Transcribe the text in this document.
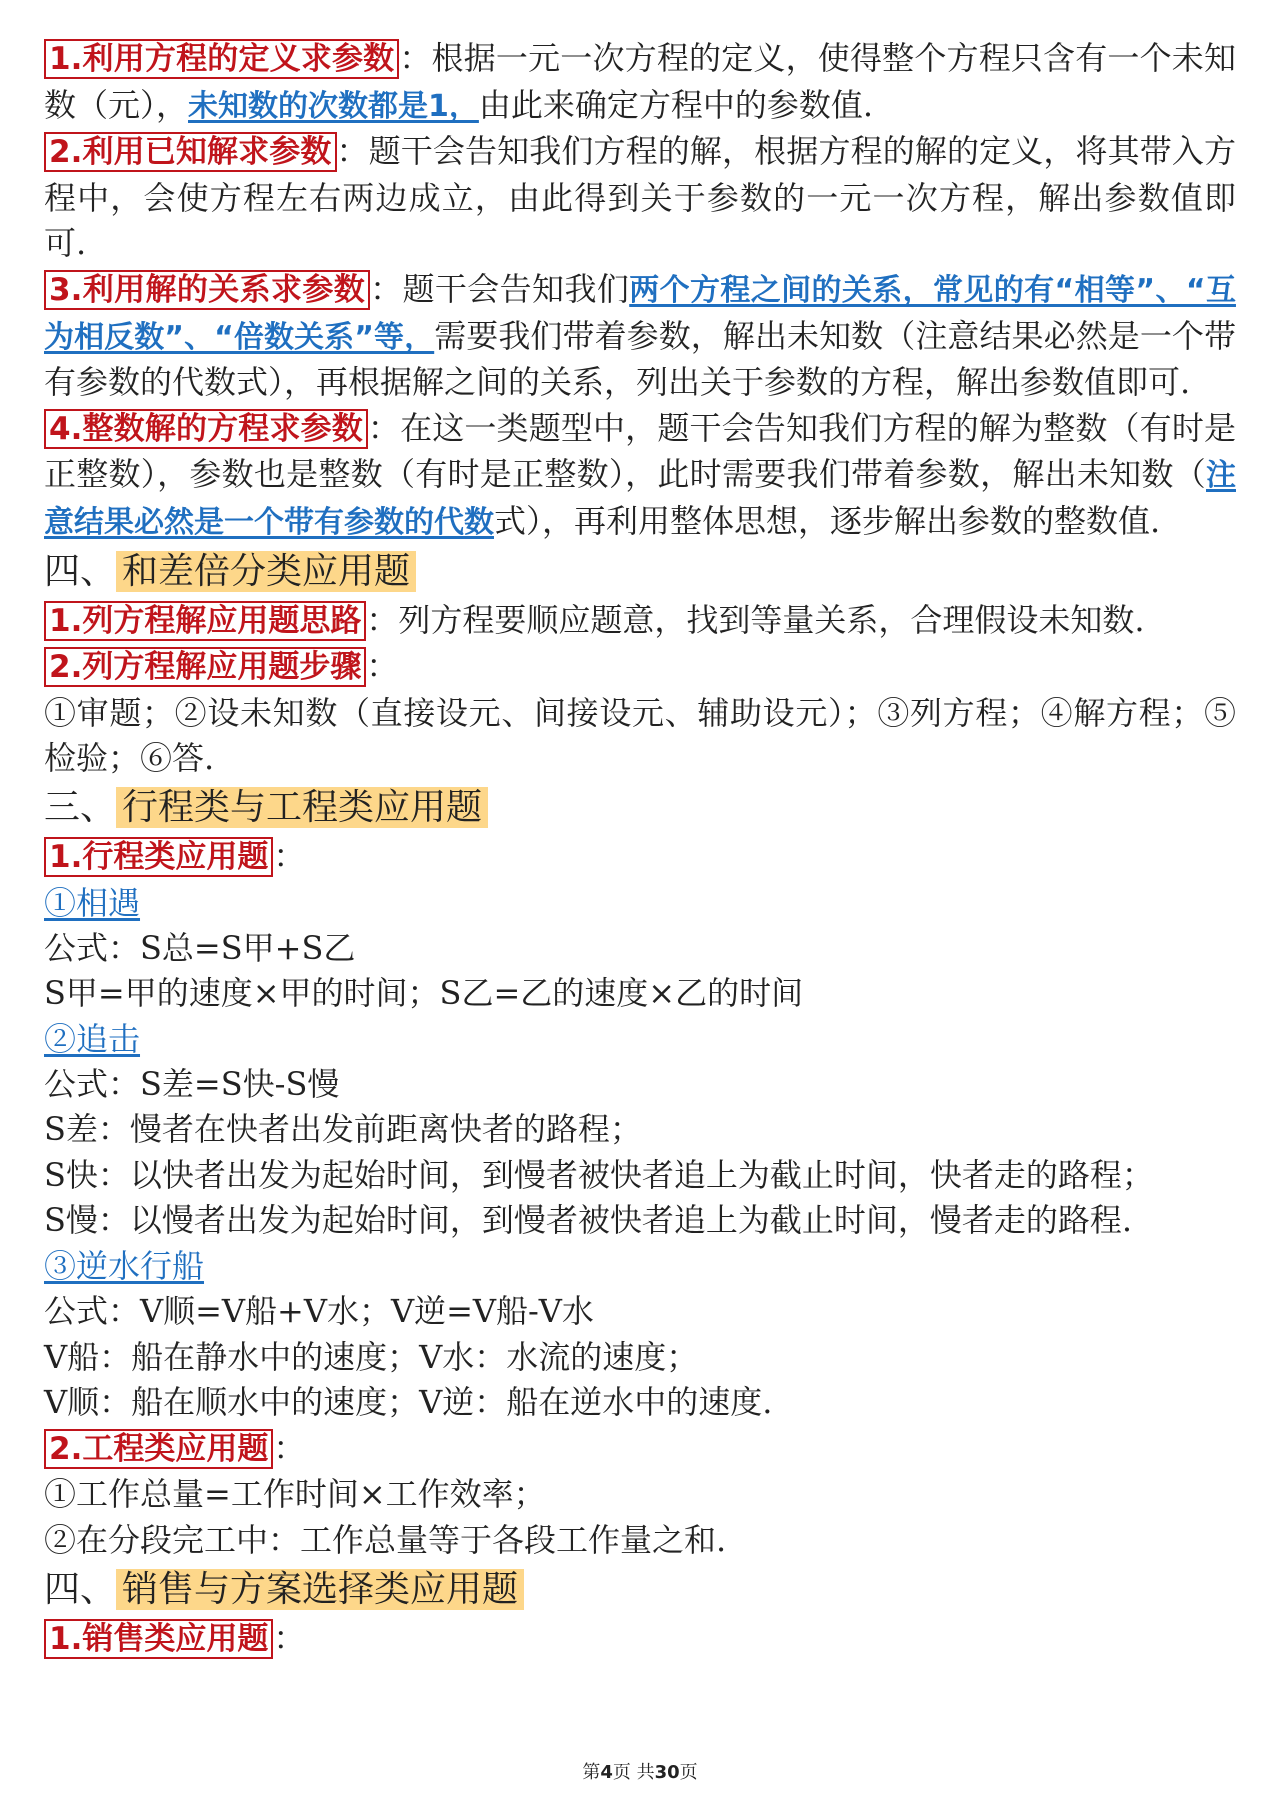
1.利用方程的定义求参数 ：根据一元一次方程的定义，使得整个方程只含有一个未知数（元），未知数的次数都是1，由此来确定方程中的参数值.

2.利用已知解求参数 ：题干会告知我们方程的解，根据方程的解的定义，将其带入方程中，会使方程左右两边成立，由此得到关于参数的一元一次方程，解出参数值即可.

3.利用解的关系求参数 ：题干会告知我们两个方程之间的关系，常见的有“相等”、“互为相反数”、“倍数关系”等，需要我们带着参数，解出未知数（注意结果必然是一个带有参数的代数式），再根据解之间的关系，列出关于参数的方程，解出参数值即可.

4.整数解的方程求参数 ：在这一类题型中，题干会告知我们方程的解为整数（有时是正整数），参数也是整数（有时是正整数），此时需要我们带着参数，解出未知数（注意结果必然是一个带有参数的代数式），再利用整体思想，逐步解出参数的整数值.

四、 和差倍分类应用题

1.列方程解应用题思路 ：列方程要顺应题意，找到等量关系，合理假设未知数.

2.列方程解应用题步骤 ：

①审题；②设未知数（直接设元、间接设元、辅助设元）；③列方程；④解方程；⑤检验；⑥答.

三、 行程类与工程类应用题

1.行程类应用题 ：

①相遇

公式：S总=S甲+S乙

S甲=甲的速度×甲的时间；S乙=乙的速度×乙的时间

②追击

公式：S差=S快-S慢

S差：慢者在快者出发前距离快者的路程；

S快：以快者出发为起始时间，到慢者被快者追上为截止时间，快者走的路程；

S慢：以慢者出发为起始时间，到慢者被快者追上为截止时间，慢者走的路程.

③逆水行船

公式：V顺=V船+V水；V逆=V船-V水

V船：船在静水中的速度；V水：水流的速度；

V顺：船在顺水中的速度；V逆：船在逆水中的速度.

2.工程类应用题 ：

①工作总量=工作时间×工作效率；

②在分段完工中：工作总量等于各段工作量之和.

四、 销售与方案选择类应用题

1.销售类应用题 ：

第4页 共30页
